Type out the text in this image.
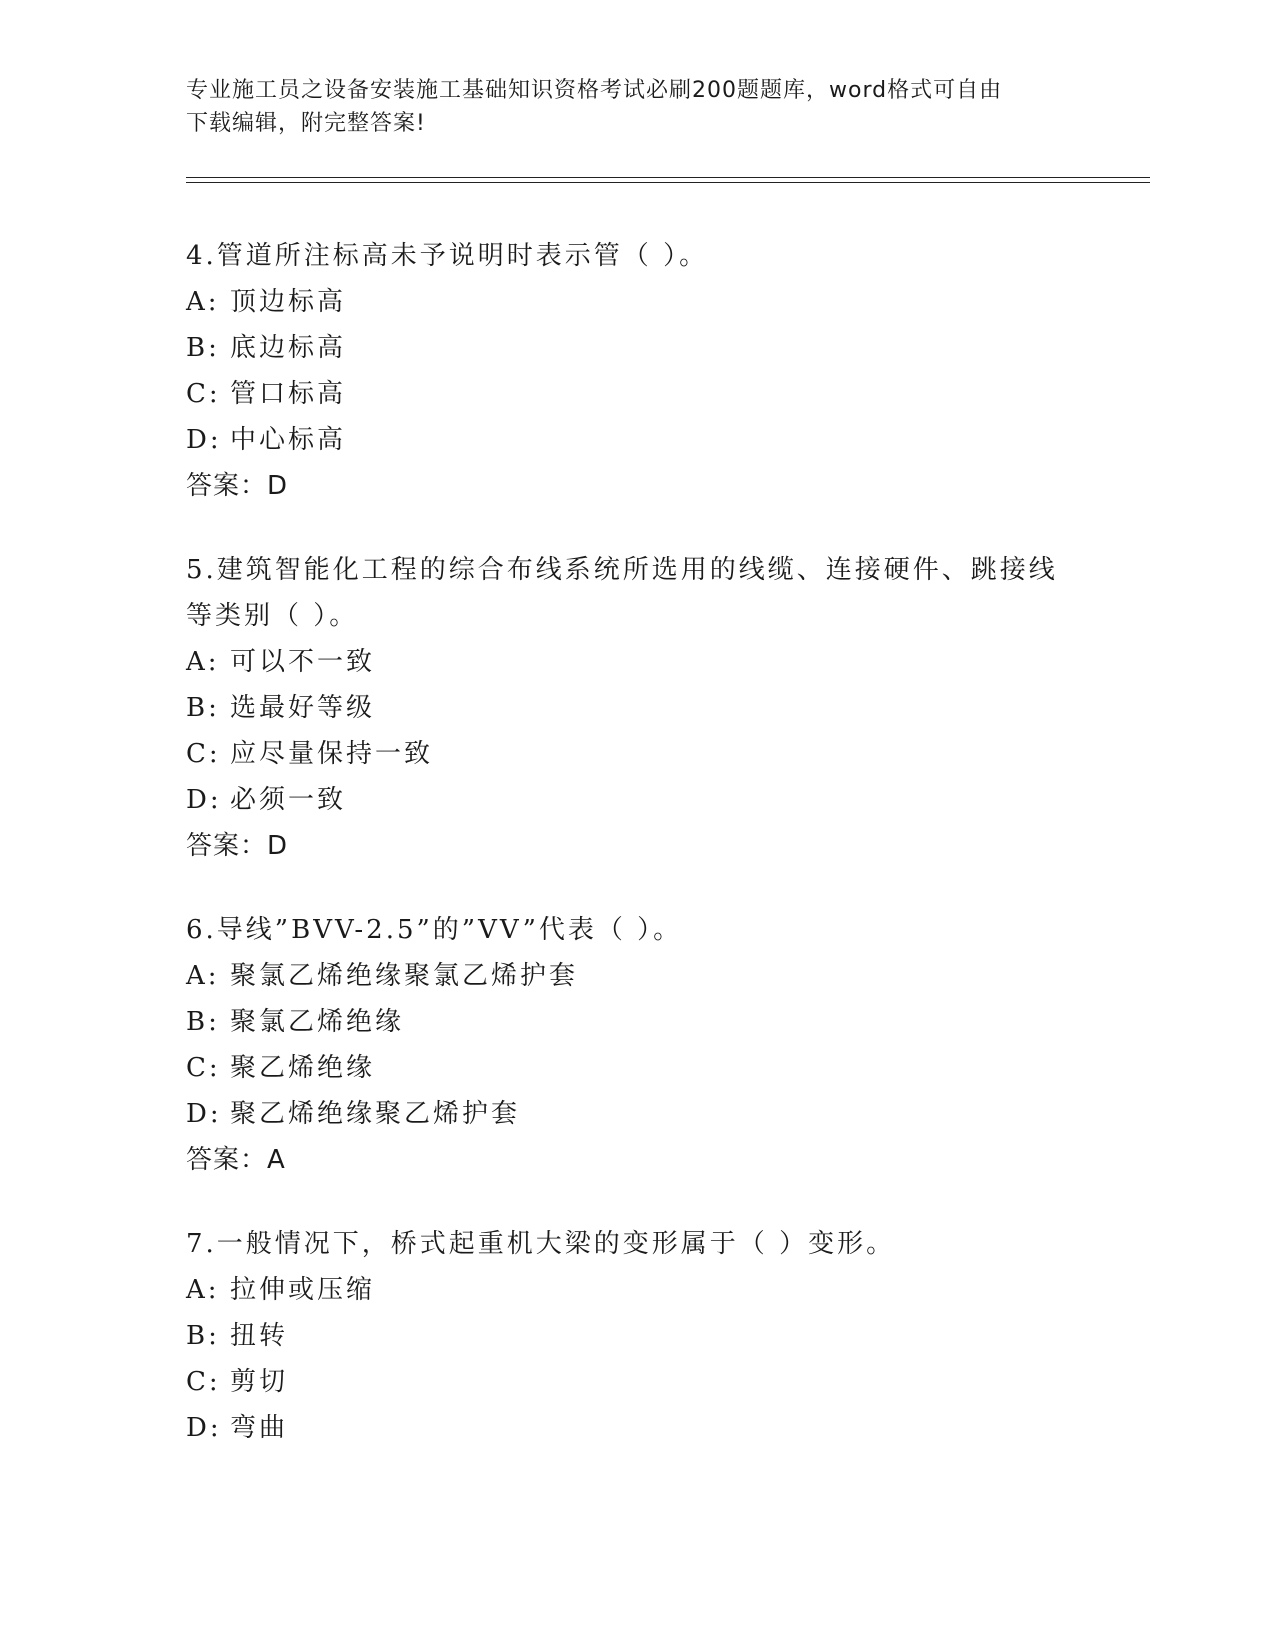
专业施工员之设备安装施工基础知识资格考试必刷200题题库，word格式可自由
下载编辑，附完整答案!
4.管道所注标高未予说明时表示管（ ）。
A: 顶边标高
B: 底边标高
C: 管口标高
D: 中心标高
答案：D
5.建筑智能化工程的综合布线系统所选用的线缆、连接硬件、跳接线
等类别（ ）。
A: 可以不一致
B: 选最好等级
C: 应尽量保持一致
D: 必须一致
答案：D
6.导线”BVV-2.5”的”VV”代表（ ）。
A: 聚氯乙烯绝缘聚氯乙烯护套
B: 聚氯乙烯绝缘
C: 聚乙烯绝缘
D: 聚乙烯绝缘聚乙烯护套
答案：A
7.一般情况下，桥式起重机大梁的变形属于（ ）变形。
A: 拉伸或压缩
B: 扭转
C: 剪切
D: 弯曲
